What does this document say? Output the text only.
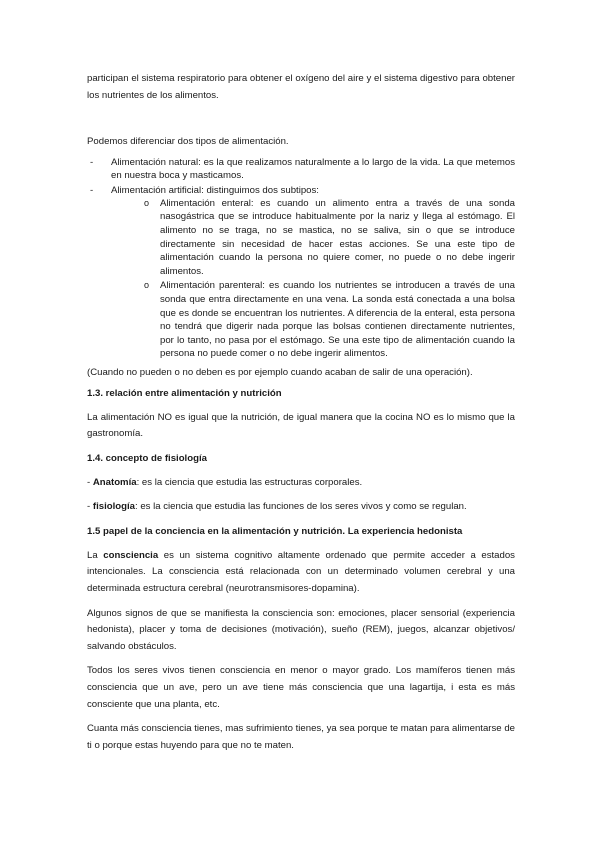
participan el sistema respiratorio para obtener el oxígeno del aire y el sistema digestivo para obtener los nutrientes de los alimentos.

Podemos diferenciar dos tipos de alimentación.

- Alimentación natural: es la que realizamos naturalmente a lo largo de la vida. La que metemos en nuestra boca y masticamos.
- Alimentación artificial: distinguimos dos subtipos:
o Alimentación enteral: es cuando un alimento entra a través de una sonda nasogástrica que se introduce habitualmente por la nariz y llega al estómago. El alimento no se traga, no se mastica, no se saliva, sin o que se introduce directamente sin necesidad de hacer estas acciones. Se una este tipo de alimentación cuando la persona no quiere comer, no puede o no debe ingerir alimentos.
o Alimentación parenteral: es cuando los nutrientes se introducen a través de una sonda que entra directamente en una vena. La sonda está conectada a una bolsa que es donde se encuentran los nutrientes. A diferencia de la enteral, esta persona no tendrá que digerir nada porque las bolsas contienen directamente nutrientes, por lo tanto, no pasa por el estómago. Se una este tipo de alimentación cuando la persona no puede comer o no debe ingerir alimentos.

(Cuando no pueden o no deben es por ejemplo cuando acaban de salir de una operación).

1.3. relación entre alimentación y nutrición

La alimentación NO es igual que la nutrición, de igual manera que la cocina NO es lo mismo que la gastronomía.

1.4. concepto de fisiología

- Anatomía: es la ciencia que estudia las estructuras corporales.

- fisiología: es la ciencia que estudia las funciones de los seres vivos y como se regulan.

1.5 papel de la conciencia en la alimentación y nutrición. La experiencia hedonista

La consciencia es un sistema cognitivo altamente ordenado que permite acceder a estados intencionales. La consciencia está relacionada con un determinado volumen cerebral y una determinada estructura cerebral (neurotransmisores-dopamina).

Algunos signos de que se manifiesta la consciencia son: emociones, placer sensorial (experiencia hedonista), placer y toma de decisiones (motivación), sueño (REM), juegos, alcanzar objetivos/ salvando obstáculos.

Todos los seres vivos tienen consciencia en menor o mayor grado. Los mamíferos tienen más consciencia que un ave, pero un ave tiene más consciencia que una lagartija, i esta es más consciente que una planta, etc.

Cuanta más consciencia tienes, mas sufrimiento tienes, ya sea porque te matan para alimentarse de ti o porque estas huyendo para que no te maten.
